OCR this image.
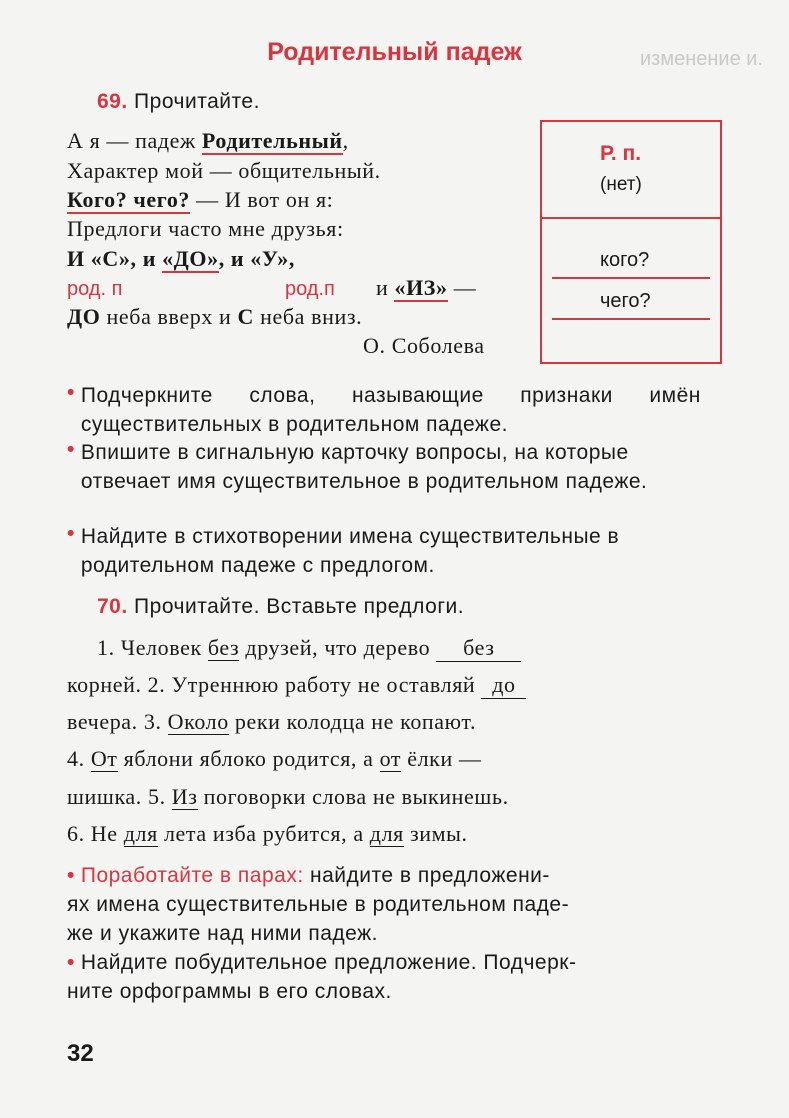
изменение и.
Родительный падеж
69. Прочитайте.
А я — падеж Родительный,
Характер мой — общительный.
Кого? чего? — И вот он я:
Предлоги часто мне друзья:
И «С», и «ДО», и «У»,
род. п	род.п и «ИЗ» —
ДО неба вверх и С неба вниз.
О. Соболева
Р. п.
(нет)
кого?
чего?
• Подчеркните слова, называющие признаки имён существительных в родительном падеже.
• Впишите в сигнальную карточку вопросы, на которые отвечает имя существительное в родительном падеже.
• Найдите в стихотворении имена существительные в родительном падеже с предлогом.
70. Прочитайте. Вставьте предлоги.
1. Человек без друзей, что дерево без
корней. 2. Утреннюю работу не оставляй до
вечера. 3. Около реки колодца не копают.
4. От яблони яблоко родится, а от ёлки —
шишка. 5. Из поговорки слова не выкинешь.
6. Не для лета изба рубится, а для зимы.
• Поработайте в парах: найдите в предложени-
ях имена существительные в родительном паде-
же и укажите над ними падеж.
• Найдите побудительное предложение. Подчерк-
ните орфограммы в его словах.
32
